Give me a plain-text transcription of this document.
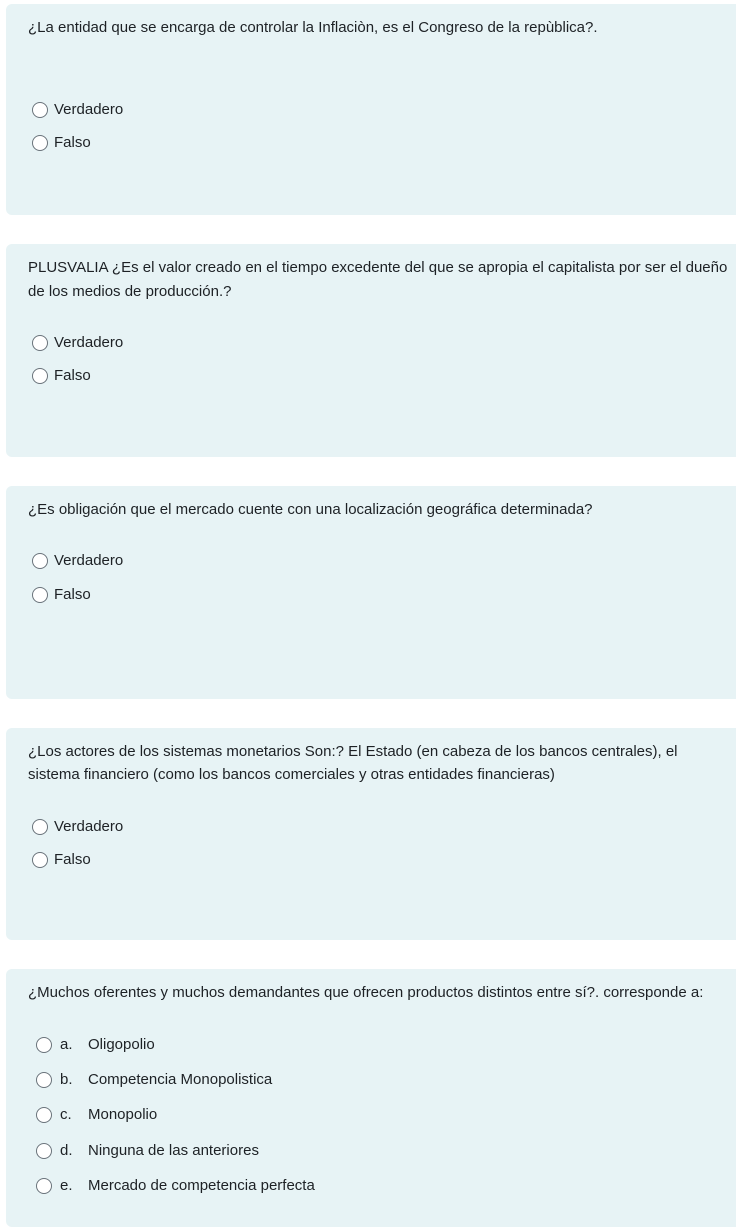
¿La entidad que se encarga de controlar la Inflaciòn, es el Congreso de la repùblica?.
Verdadero
Falso
PLUSVALIA ¿Es el valor creado en el tiempo excedente del que se apropia el capitalista por ser el dueño
de los medios de producción.?
Verdadero
Falso
¿Es obligación que el mercado cuente con una localización geográfica determinada?
Verdadero
Falso
¿Los actores de los sistemas monetarios Son:? El Estado (en cabeza de los bancos centrales), el sistema financiero (como los bancos comerciales y otras entidades financieras)
Verdadero
Falso
¿Muchos oferentes y muchos demandantes que ofrecen productos distintos entre sí?. corresponde a:
a.	Oligopolio
b.	Competencia Monopolistica
c.	Monopolio
d.	Ninguna de las anteriores
e.	Mercado de competencia perfecta
